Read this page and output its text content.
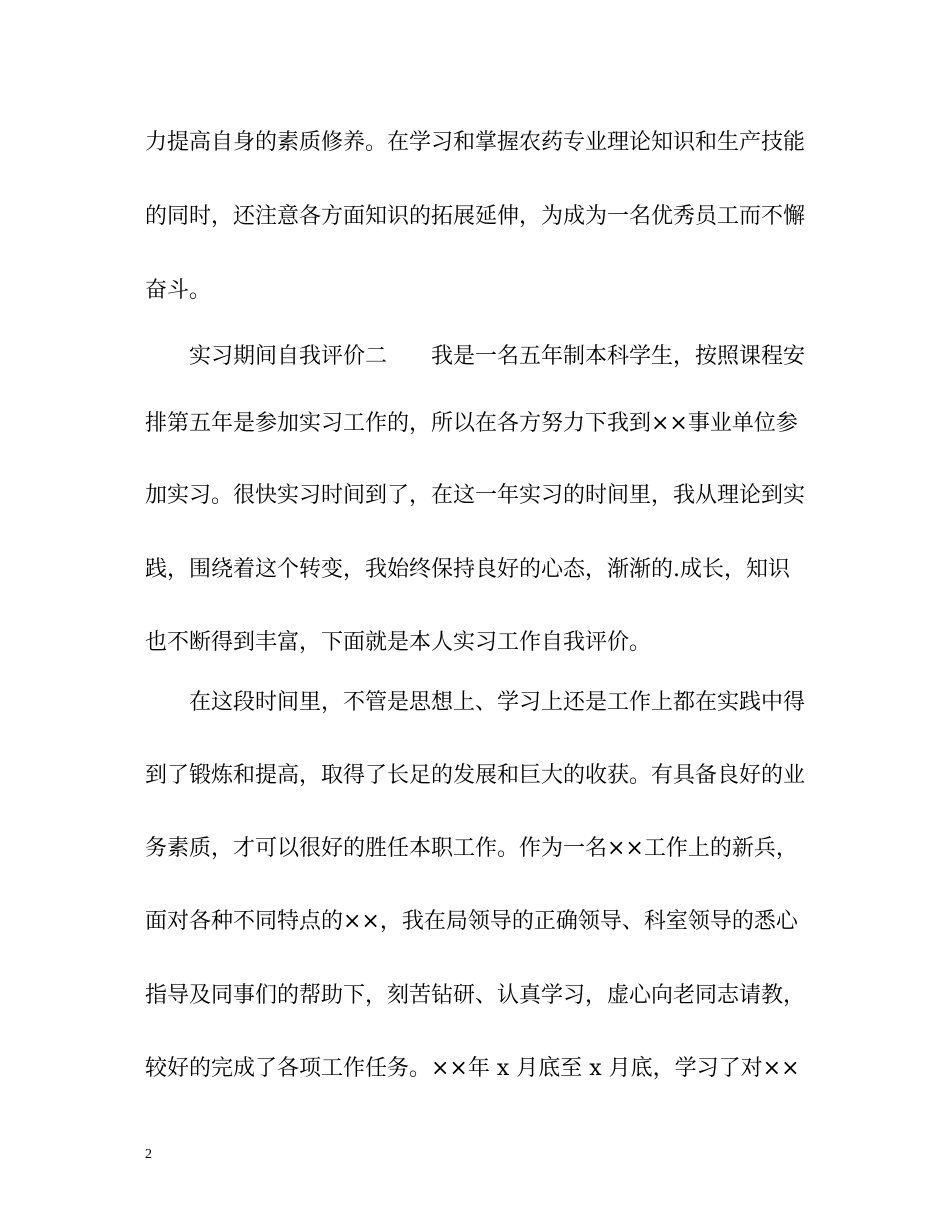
力提高自身的素质修养。在学习和掌握农药专业理论知识和生产技能
的同时，还注意各方面知识的拓展延伸，为成为一名优秀员工而不懈
奋斗。
　　实习期间自我评价二　　我是一名五年制本科学生，按照课程安
排第五年是参加实习工作的，所以在各方努力下我到××事业单位参
加实习。很快实习时间到了，在这一年实习的时间里，我从理论到实
践，围绕着这个转变，我始终保持良好的心态，渐渐的.成长，知识
也不断得到丰富，下面就是本人实习工作自我评价。
　　在这段时间里，不管是思想上、学习上还是工作上都在实践中得
到了锻炼和提高，取得了长足的发展和巨大的收获。有具备良好的业
务素质，才可以很好的胜任本职工作。作为一名××工作上的新兵，
面对各种不同特点的××，我在局领导的正确领导、科室领导的悉心
指导及同事们的帮助下，刻苦钻研、认真学习，虚心向老同志请教，
较好的完成了各项工作任务。××年 x 月底至 x 月底，学习了对××
2
